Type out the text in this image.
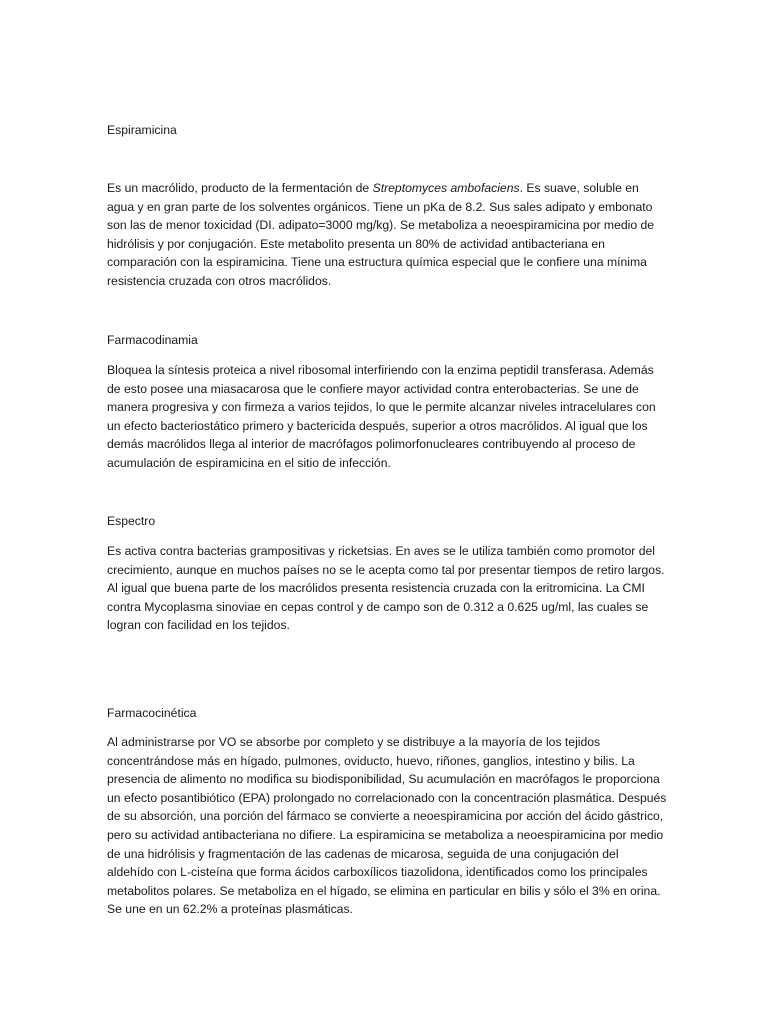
Espiramicina

Es un macrólido, producto de la fermentación de Streptomyces ambofaciens. Es suave, soluble en agua y en gran parte de los solventes orgánicos. Tiene un pKa de 8.2. Sus sales adipato y embonato son las de menor toxicidad (DI. adipato=3000 mg/kg). Se metaboliza a neoespiramicina por medio de hidrólisis y por conjugación. Este metabolito presenta un 80% de actividad antibacteriana en comparación con la espiramicina. Tiene una estructura química especial que le confiere una mínima resistencia cruzada con otros macrólidos.

Farmacodinamia

Bloquea la síntesis proteica a nivel ribosomal interfiriendo con la enzima peptidil transferasa. Además de esto posee una miasacarosa que le confiere mayor actividad contra enterobacterias. Se une de manera progresiva y con firmeza a varios tejidos, lo que le permite alcanzar niveles intracelulares con un efecto bacteriostático primero y bactericida después, superior a otros macrólidos. Al igual que los demás macrólidos llega al interior de macrófagos polimorfonucleares contribuyendo al proceso de acumulación de espiramicina en el sitio de infección.

Espectro

Es activa contra bacterias grampositivas y ricketsias. En aves se le utiliza también como promotor del crecimiento, aunque en muchos países no se le acepta como tal por presentar tiempos de retiro largos. Al igual que buena parte de los macrólidos presenta resistencia cruzada con la eritromicina. La CMI contra Mycoplasma sinoviae en cepas control y de campo son de 0.312 a 0.625 ug/ml, las cuales se logran con facilidad en los tejidos.

Farmacocinética

Al administrarse por VO se absorbe por completo y se distribuye a la mayoría de los tejidos concentrándose más en hígado, pulmones, oviducto, huevo, riñones, ganglios, intestino y bilis. La presencia de alimento no modifica su biodisponibilidad, Su acumulación en macrófagos le proporciona un efecto posantibiótico (EPA) prolongado no correlacionado con la concentración plasmática. Después de su absorción, una porción del fármaco se convierte a neoespiramicina por acción del ácido gástrico, pero su actividad antibacteriana no difiere. La espiramicina se metaboliza a neoespiramicina por medio de una hidrólisis y fragmentación de las cadenas de micarosa, seguida de una conjugación del aldehído con L-cisteína que forma ácidos carboxílicos tiazolidona, identificados como los principales metabolitos polares. Se metaboliza en el hígado, se elimina en particular en bilis y sólo el 3% en orina. Se une en un 62.2% a proteínas plasmáticas.
